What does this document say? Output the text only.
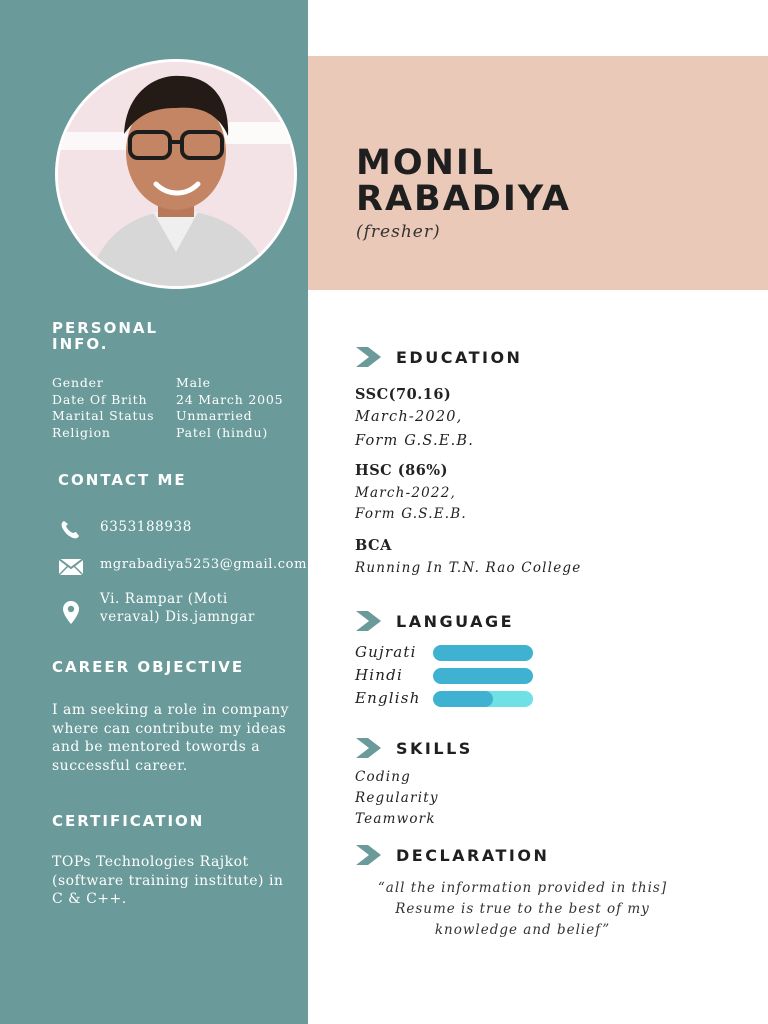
PERSONAL INFO.
Gender	Male
Date Of Brith	24 March 2005
Marital Status	Unmarried
Religion	Patel (hindu)
CONTACT ME
6353188938
mgrabadiya5253@gmail.com
Vi. Rampar (Moti
veraval) Dis.jamngar
CAREER OBJECTIVE
I am seeking a role in company
where can contribute my ideas
and be mentored towords a
successful career.
CERTIFICATION
TOPs Technologies Rajkot
(software training institute) in
C & C++.
MONIL
RABADIYA
(fresher)
EDUCATION
SSC(70.16)
March-2020,
Form G.S.E.B.
HSC (86%)
March-2022,
Form G.S.E.B.
BCA
Running In T.N. Rao College
LANGUAGE
Gujrati
Hindi
English
SKILLS
Coding
Regularity
Teamwork
DECLARATION
“all the information provided in this]
Resume is true to the best of my
knowledge and belief”
